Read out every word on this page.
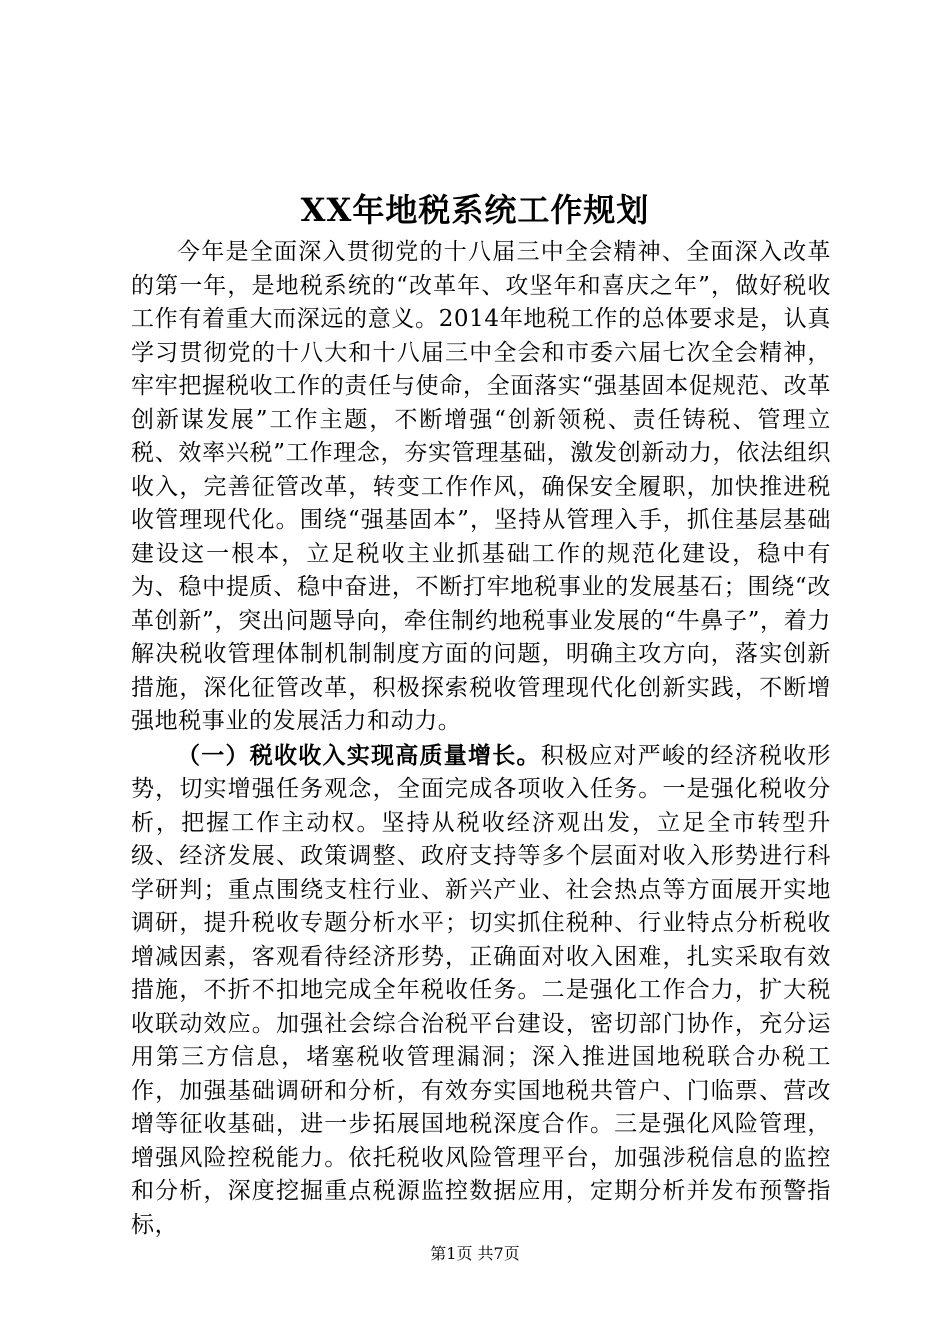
XX年地税系统工作规划

今年是全面深入贯彻党的十八届三中全会精神、全面深入改革的第一年，是地税系统的“改革年、攻坚年和喜庆之年”，做好税收工作有着重大而深远的意义。2014年地税工作的总体要求是，认真学习贯彻党的十八大和十八届三中全会和市委六届七次全会精神，牢牢把握税收工作的责任与使命，全面落实“强基固本促规范、改革创新谋发展”工作主题，不断增强“创新领税、责任铸税、管理立税、效率兴税”工作理念，夯实管理基础，激发创新动力，依法组织收入，完善征管改革，转变工作作风，确保安全履职，加快推进税收管理现代化。围绕“强基固本”，坚持从管理入手，抓住基层基础建设这一根本，立足税收主业抓基础工作的规范化建设，稳中有为、稳中提质、稳中奋进，不断打牢地税事业的发展基石；围绕“改革创新”，突出问题导向，牵住制约地税事业发展的“牛鼻子”，着力解决税收管理体制机制制度方面的问题，明确主攻方向，落实创新措施，深化征管改革，积极探索税收管理现代化创新实践，不断增强地税事业的发展活力和动力。

（一）税收收入实现高质量增长。积极应对严峻的经济税收形势，切实增强任务观念，全面完成各项收入任务。一是强化税收分析，把握工作主动权。坚持从税收经济观出发，立足全市转型升级、经济发展、政策调整、政府支持等多个层面对收入形势进行科学研判；重点围绕支柱行业、新兴产业、社会热点等方面展开实地调研，提升税收专题分析水平；切实抓住税种、行业特点分析税收增减因素，客观看待经济形势，正确面对收入困难，扎实采取有效措施，不折不扣地完成全年税收任务。二是强化工作合力，扩大税收联动效应。加强社会综合治税平台建设，密切部门协作，充分运用第三方信息，堵塞税收管理漏洞；深入推进国地税联合办税工作，加强基础调研和分析，有效夯实国地税共管户、门临票、营改增等征收基础，进一步拓展国地税深度合作。三是强化风险管理，增强风险控税能力。依托税收风险管理平台，加强涉税信息的监控和分析，深度挖掘重点税源监控数据应用，定期分析并发布预警指标，

第1页 共7页
